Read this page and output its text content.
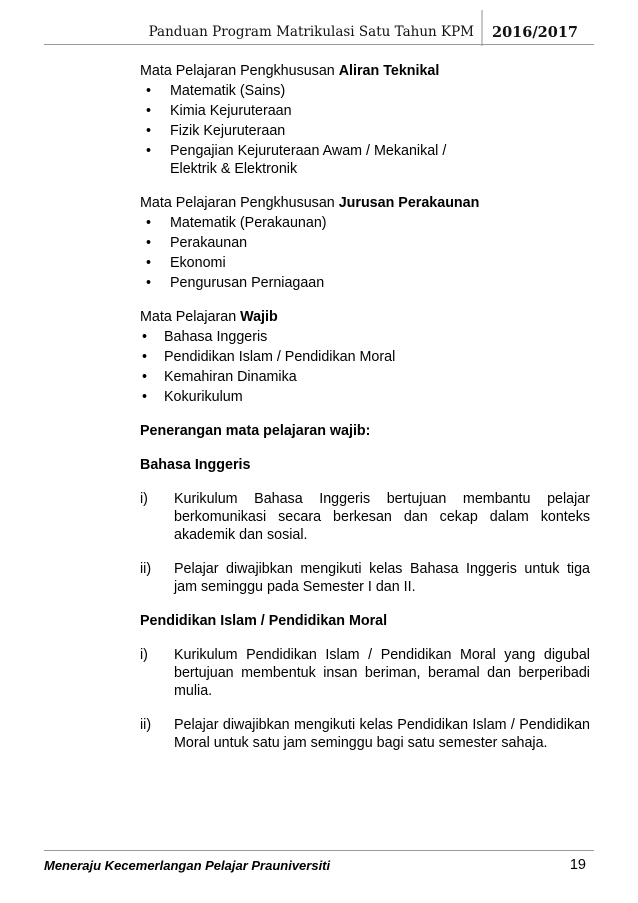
Panduan Program Matrikulasi Satu Tahun KPM 2016/2017

Mata Pelajaran Pengkhususan Aliran Teknikal

• Matematik (Sains)
• Kimia Kejuruteraan
• Fizik Kejuruteraan
• Pengajian Kejuruteraan Awam / Mekanikal / Elektrik & Elektronik

Mata Pelajaran Pengkhususan Jurusan Perakaunan

• Matematik (Perakaunan)
• Perakaunan
• Ekonomi
• Pengurusan Perniagaan

Mata Pelajaran Wajib

• Bahasa Inggeris
• Pendidikan Islam / Pendidikan Moral
• Kemahiran Dinamika
• Kokurikulum

Penerangan mata pelajaran wajib:

Bahasa Inggeris

i)	Kurikulum Bahasa Inggeris bertujuan membantu pelajar berkomunikasi secara berkesan dan cekap dalam konteks akademik dan sosial.
ii)	Pelajar diwajibkan mengikuti kelas Bahasa Inggeris untuk tiga jam seminggu pada Semester I dan II.

Pendidikan Islam / Pendidikan Moral

i)	Kurikulum Pendidikan Islam / Pendidikan Moral yang digubal bertujuan membentuk insan beriman, beramal dan berperibadi mulia.
ii)	Pelajar diwajibkan mengikuti kelas Pendidikan Islam / Pendidikan Moral untuk satu jam seminggu bagi satu semester sahaja.
Meneraju Kecemerlangan Pelajar Prauniversiti	19
